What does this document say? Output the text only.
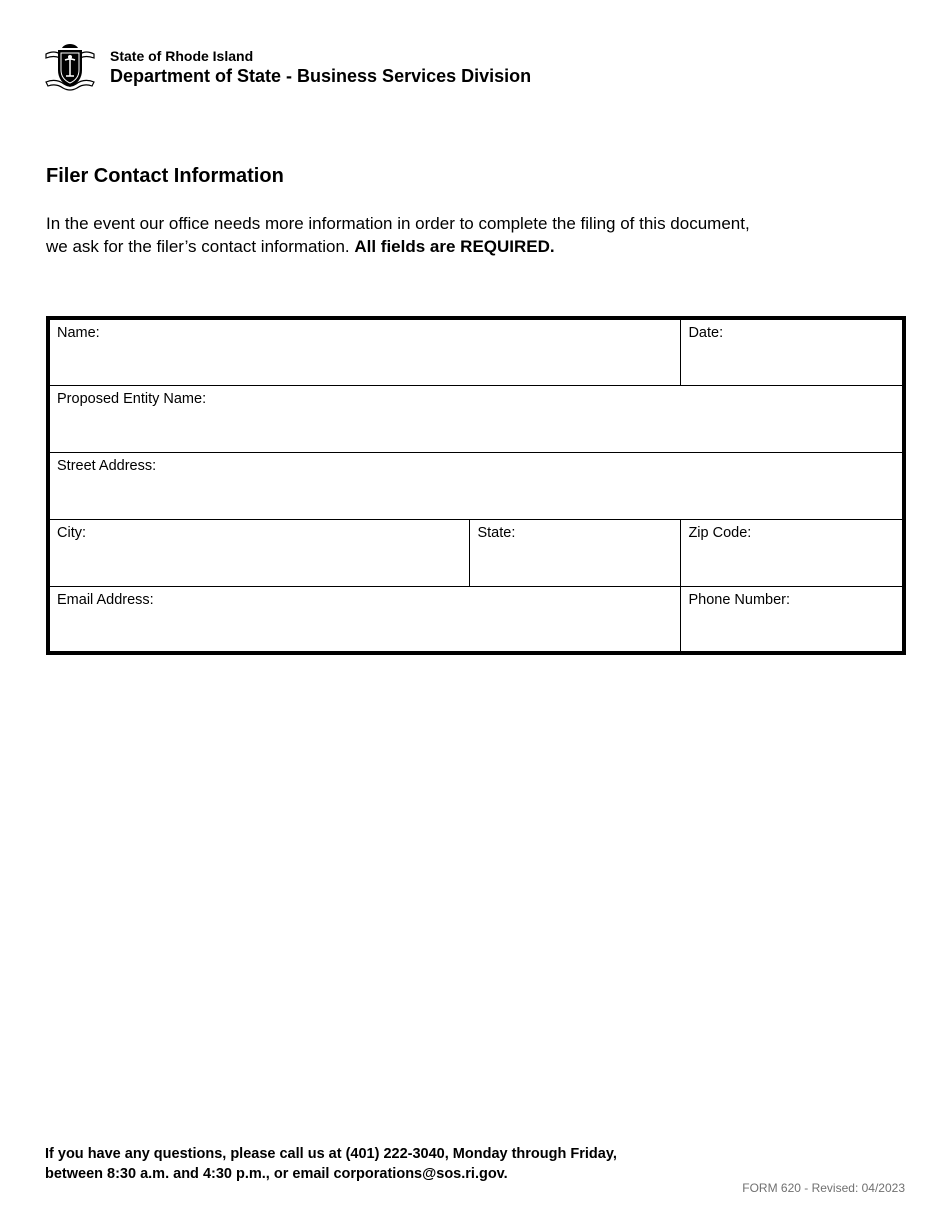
State of Rhode Island
Department of State - Business Services Division
Filer Contact Information

In the event our office needs more information in order to complete the filing of this document, we ask for the filer’s contact information. All fields are REQUIRED.

Name:		Date:
Proposed Entity Name:		
Street Address:		
City:	State:	Zip Code:
Email Address:		Phone Number:

If you have any questions, please call us at (401) 222-3040, Monday through Friday,
between 8:30 a.m. and 4:30 p.m., or email corporations@sos.ri.gov.

FORM 620 - Revised: 04/2023
